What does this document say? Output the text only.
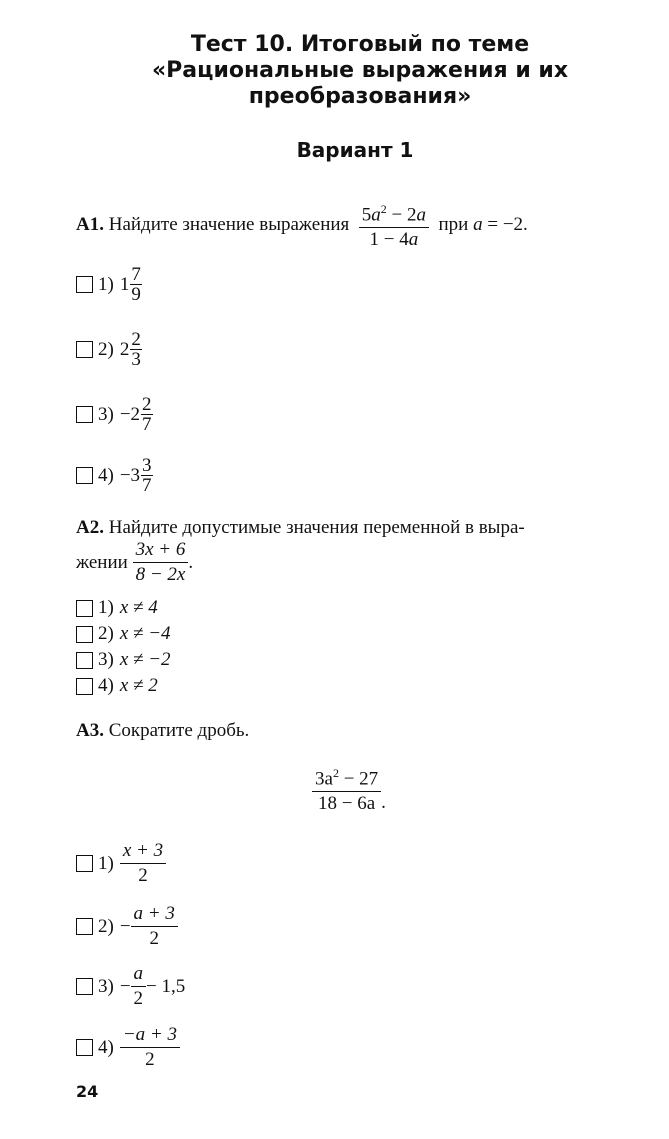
Тест 10. Итоговый по теме
«Рациональные выражения и их
преобразования»
Вариант 1
А1.
Найдите значение выражения
$\frac{5a^2 - 2a}{1 - 4a}$
при a = −2.
1) $1 \frac{7}{9}$
2) $2 \frac{2}{3}$
$3) -2 \frac{2}{7}$
$4) -3 \frac{3}{7}$
А2. Найдите допустимые значения переменной в выра-
жении
$\frac{3x + 6}{8 - 2x}$ .
1) x ≠ 4
2) x ≠ −4
3) x ≠ −2
4) x ≠ 2
А3. Сократите дробь.
$\frac{3a^2 - 27}{18 - 6a}$ .
$1) \frac{x + 3}{2}$
$2) - \frac{a + 3}{2}$
$3) - \frac{a}{2} - 1,5$
$4) \frac{-a + 3}{2}$
24
